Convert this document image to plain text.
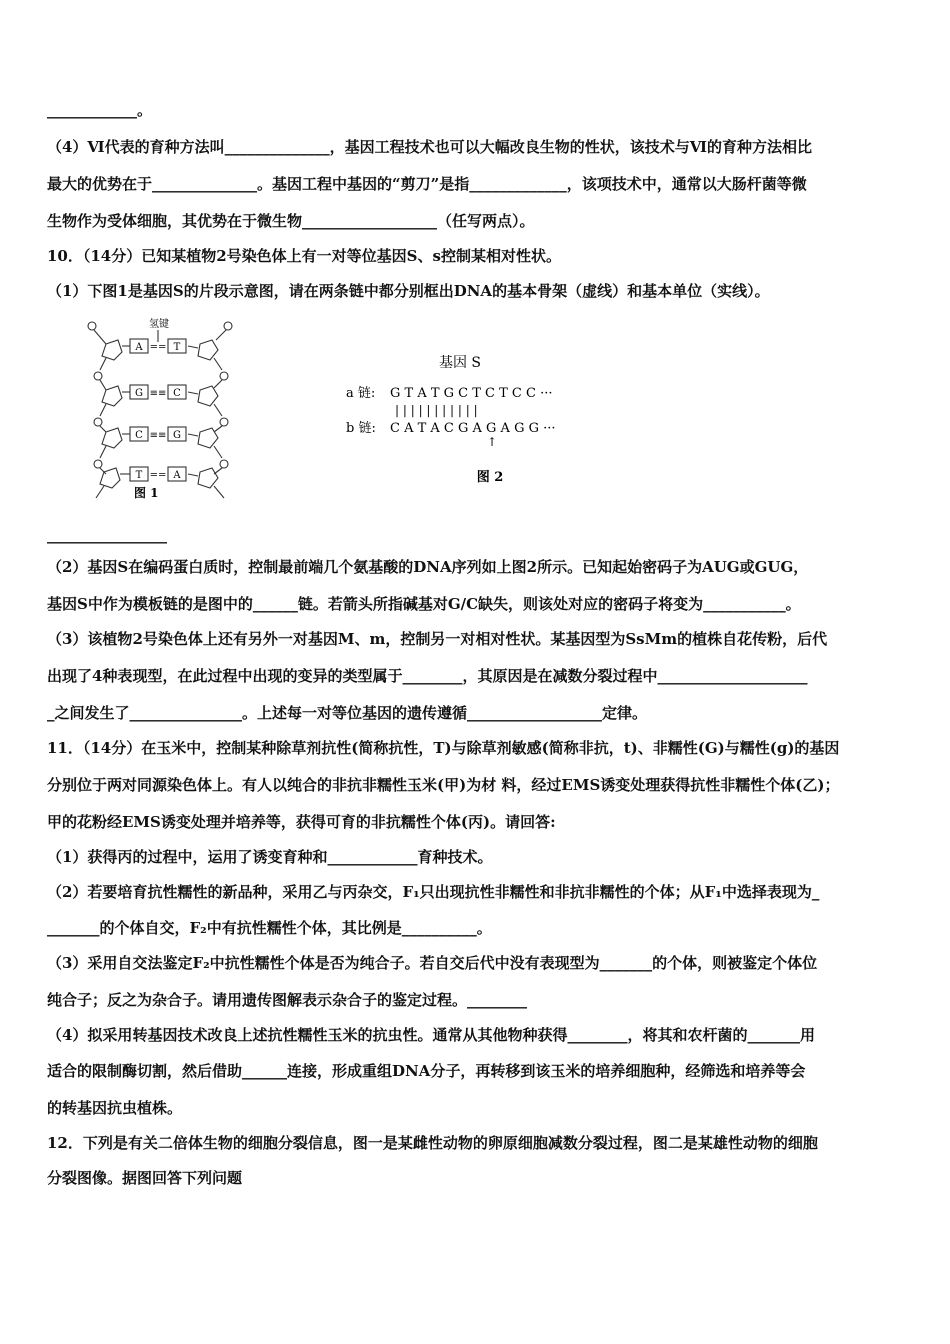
____________。
（4）Ⅵ代表的育种方法叫______________，基因工程技术也可以大幅改良生物的性状，该技术与Ⅵ的育种方法相比
最大的优势在于______________。基因工程中基因的“剪刀”是指_____________，该项技术中，通常以大肠杆菌等微
生物作为受体细胞，其优势在于微生物__________________（任写两点）。
10．（14分）已知某植物2号染色体上有一对等位基因S、s控制某相对性状。
（1）下图1是基因S的片段示意图，请在两条链中都分别框出DNA的基本骨架（虚线）和基本单位（实线）。
氢键
A == T
G ≡≡ C
C ≡≡ G
T == A
图 1
基因 S
a 链: G T A T G C T C T C C ···
| | | | | | | | | | |
b 链: C A T A C G A G A G G ···
↑
图 2
________________
（2）基因S在编码蛋白质时，控制最前端几个氨基酸的DNA序列如上图2所示。已知起始密码子为AUG或GUG，
基因S中作为模板链的是图中的______链。若箭头所指碱基对G/C缺失，则该处对应的密码子将变为___________。
（3）该植物2号染色体上还有另外一对基因M、m，控制另一对相对性状。某基因型为SsMm的植株自花传粉，后代
出现了4种表现型，在此过程中出现的变异的类型属于________，其原因是在减数分裂过程中____________________
_之间发生了_______________。上述每一对等位基因的遗传遵循__________________定律。
11．（14分）在玉米中，控制某种除草剂抗性(简称抗性，T)与除草剂敏感(简称非抗，t)、非糯性(G)与糯性(g)的基因
分别位于两对同源染色体上。有人以纯合的非抗非糯性玉米(甲)为材 料，经过EMS诱变处理获得抗性非糯性个体(乙)；
甲的花粉经EMS诱变处理并培养等，获得可育的非抗糯性个体(丙)。请回答:
（1）获得丙的过程中，运用了诱变育种和____________育种技术。
（2）若要培育抗性糯性的新品种，采用乙与丙杂交，F₁只出现抗性非糯性和非抗非糯性的个体；从F₁中选择表现为_
_______的个体自交，F₂中有抗性糯性个体，其比例是__________。
（3）采用自交法鉴定F₂中抗性糯性个体是否为纯合子。若自交后代中没有表现型为_______的个体，则被鉴定个体位
纯合子；反之为杂合子。请用遗传图解表示杂合子的鉴定过程。________
（4）拟采用转基因技术改良上述抗性糯性玉米的抗虫性。通常从其他物种获得________，将其和农杆菌的_______用
适合的限制酶切割，然后借助______连接，形成重组DNA分子，再转移到该玉米的培养细胞种，经筛选和培养等会
的转基因抗虫植株。
12．下列是有关二倍体生物的细胞分裂信息，图一是某雌性动物的卵原细胞减数分裂过程，图二是某雄性动物的细胞
分裂图像。据图回答下列问题
